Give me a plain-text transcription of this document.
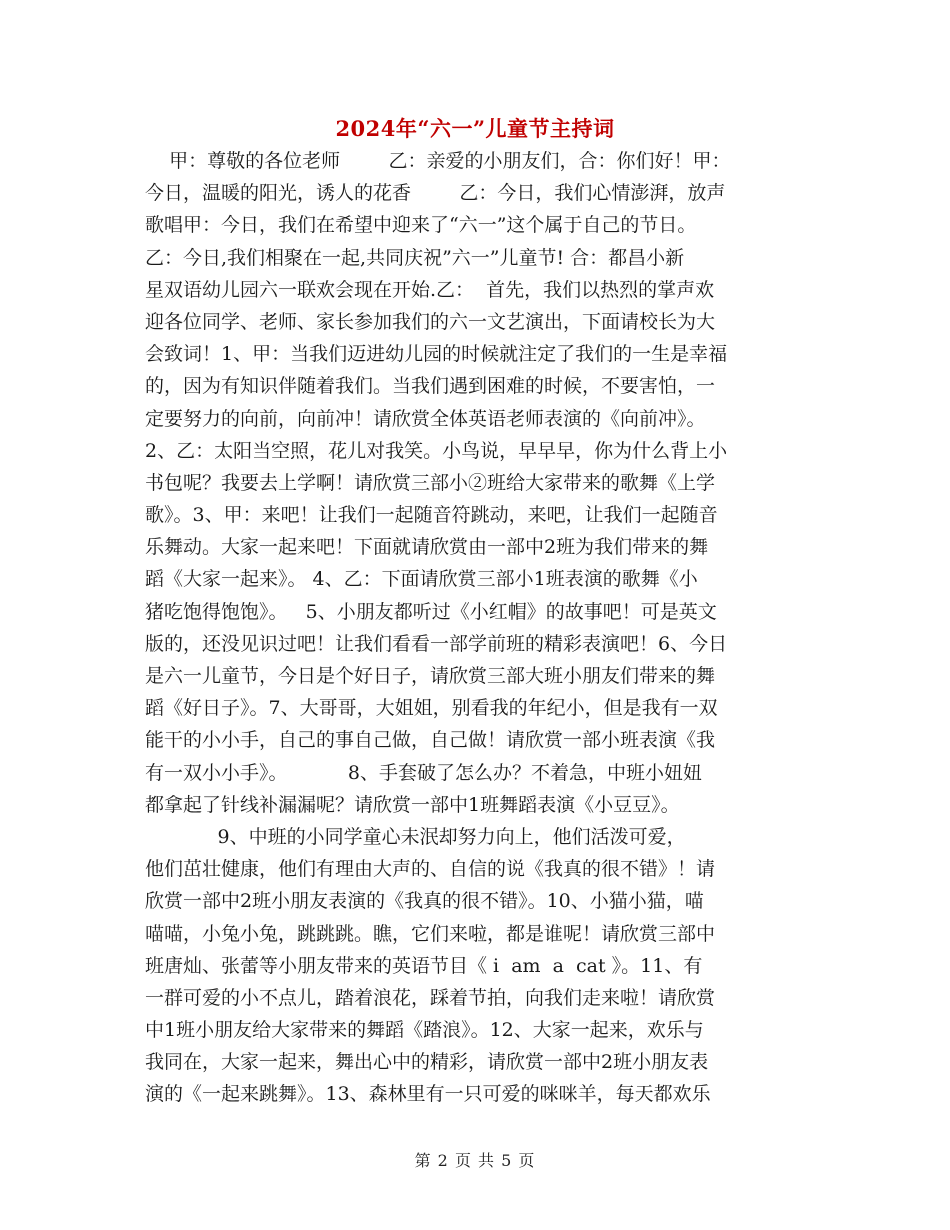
2024年“六一”儿童节主持词
甲：尊敬的各位老师        乙：亲爱的小朋友们，合：你们好！甲：
今日，温暖的阳光，诱人的花香        乙：今日，我们心情澎湃，放声
歌唱甲：今日，我们在希望中迎来了“六一”这个属于自己的节日。
乙：今日,我们相聚在一起,共同庆祝”六一”儿童节! 合：都昌小新
星双语幼儿园六一联欢会现在开始.乙：  首先，我们以热烈的掌声欢
迎各位同学、老师、家长参加我们的六一文艺演出，下面请校长为大
会致词！1、甲：当我们迈进幼儿园的时候就注定了我们的一生是幸福
的，因为有知识伴随着我们。当我们遇到困难的时候，不要害怕，一
定要努力的向前，向前冲！请欣赏全体英语老师表演的《向前冲》。
2、乙：太阳当空照，花儿对我笑。小鸟说，早早早，你为什么背上小
书包呢？我要去上学啊！请欣赏三部小②班给大家带来的歌舞《上学
歌》。3、甲：来吧！让我们一起随音符跳动，来吧，让我们一起随音
乐舞动。大家一起来吧！下面就请欣赏由一部中2班为我们带来的舞
蹈《大家一起来》。 4、乙：下面请欣赏三部小1班表演的歌舞《小
猪吃饱得饱饱》。   5、小朋友都听过《小红帽》的故事吧！可是英文
版的，还没见识过吧！让我们看看一部学前班的精彩表演吧！6、今日
是六一儿童节，今日是个好日子，请欣赏三部大班小朋友们带来的舞
蹈《好日子》。7、大哥哥，大姐姐，别看我的年纪小，但是我有一双
能干的小小手，自己的事自己做，自己做！请欣赏一部小班表演《我
有一双小小手》。          8、手套破了怎么办？不着急，中班小妞妞
都拿起了针线补漏漏呢？请欣赏一部中1班舞蹈表演《小豆豆》。
9、中班的小同学童心未泯却努力向上，他们活泼可爱，
他们茁壮健康，他们有理由大声的、自信的说《我真的很不错》！请
欣赏一部中2班小朋友表演的《我真的很不错》。10、小猫小猫，喵
喵喵，小兔小兔，跳跳跳。瞧，它们来啦，都是谁呢！请欣赏三部中
班唐灿、张蕾等小朋友带来的英语节目《 i  am  a  cat 》。11、有
一群可爱的小不点儿，踏着浪花，踩着节拍，向我们走来啦！请欣赏
中1班小朋友给大家带来的舞蹈《踏浪》。12、大家一起来，欢乐与
我同在，大家一起来，舞出心中的精彩，请欣赏一部中2班小朋友表
演的《一起来跳舞》。13、森林里有一只可爱的咪咪羊，每天都欢乐
第 2 页 共 5 页
